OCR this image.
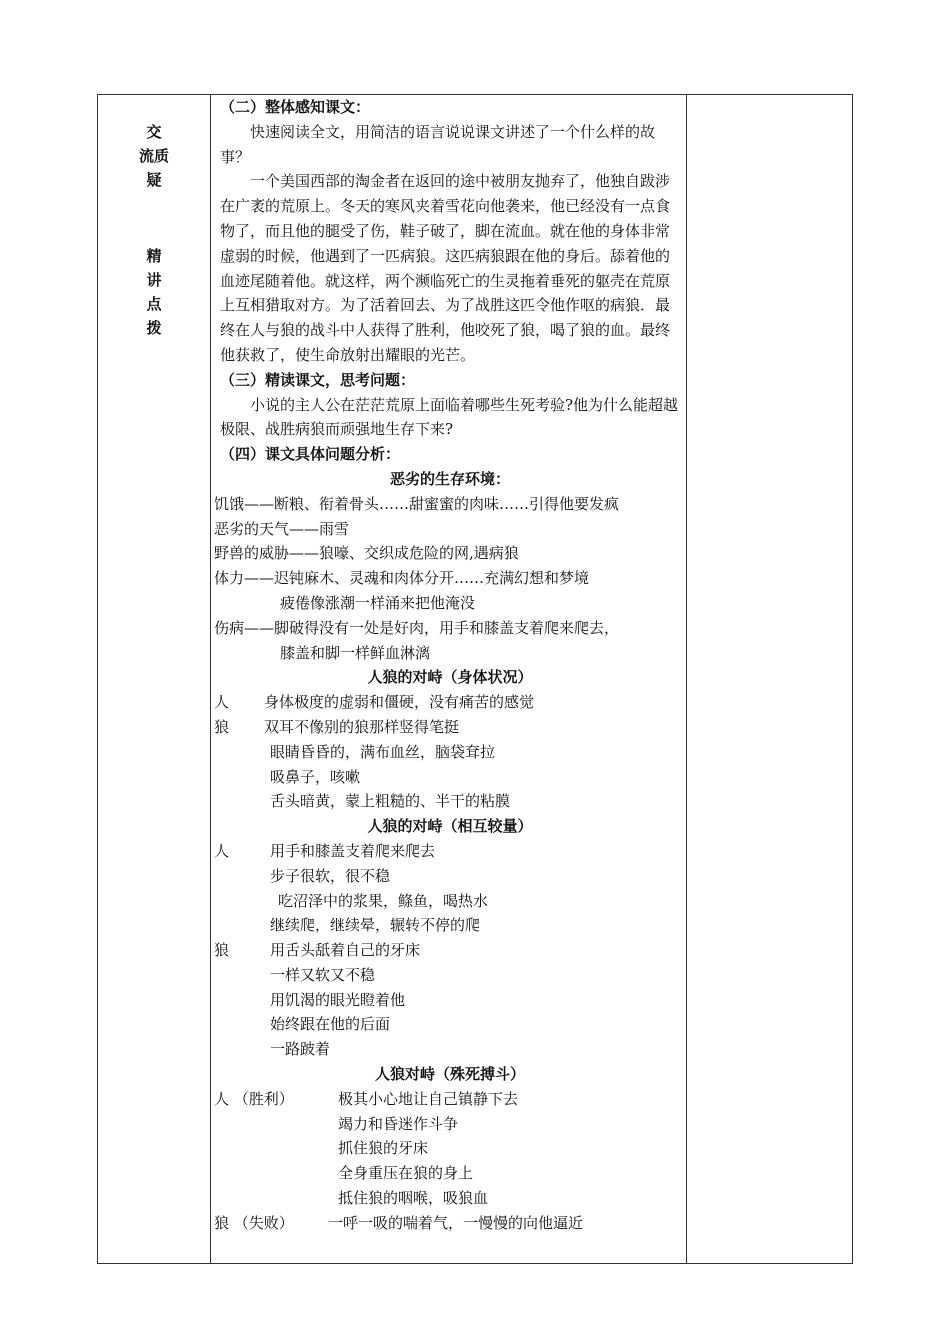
交
流质
疑
精
讲
点
拨

（二）整体感知课文：

快速阅读全文，用简洁的语言说说课文讲述了一个什么样的故事？

一个美国西部的淘金者在返回的途中被朋友抛弃了，他独自跋涉在广袤的荒原上。冬天的寒风夹着雪花向他袭来，他已经没有一点食物了，而且他的腿受了伤，鞋子破了，脚在流血。就在他的身体非常虚弱的时候，他遇到了一匹病狼。这匹病狼跟在他的身后。舔着他的血迹尾随着他。就这样，两个濒临死亡的生灵拖着垂死的躯壳在荒原上互相猎取对方。为了活着回去、为了战胜这匹令他作呕的病狼．最终在人与狼的战斗中人获得了胜利，他咬死了狼，喝了狼的血。最终他获救了，使生命放射出耀眼的光芒。

（三）精读课文，思考问题：

小说的主人公在茫茫荒原上面临着哪些生死考验?他为什么能超越极限、战胜病狼而顽强地生存下来?

（四）课文具体问题分析：

恶劣的生存环境：

饥饿——断粮、衔着骨头……甜蜜蜜的肉味……引得他要发疯

恶劣的天气——雨雪

野兽的威胁——狼嚎、交织成危险的网,遇病狼

体力——迟钝麻木、灵魂和肉体分开……充满幻想和梦境

疲倦像涨潮一样涌来把他淹没

伤病——脚破得没有一处是好肉，用手和膝盖支着爬来爬去，

膝盖和脚一样鲜血淋漓

人狼的对峙（身体状况）

人	身体极度的虚弱和僵硬，没有痛苦的感觉
狼	双耳不像别的狼那样竖得笔挺

眼睛昏昏的，满布血丝，脑袋耷拉

吸鼻子，咳嗽

舌头暗黄，蒙上粗糙的、半干的粘膜

人狼的对峙（相互较量）

人	用手和膝盖支着爬来爬去

步子很软，很不稳

吃沼泽中的浆果，鲦鱼，喝热水

继续爬，继续晕，辗转不停的爬

狼	用舌头舐着自己的牙床

一样又软又不稳

用饥渴的眼光瞪着他

始终跟在他的后面

一路跛着

人狼对峙（殊死搏斗）

人 （胜利）	极其小心地让自己镇静下去

竭力和昏迷作斗争

抓住狼的牙床

全身重压在狼的身上

抵住狼的咽喉，吸狼血

狼 （失败）	一呼一吸的喘着气，一慢慢的向他逼近
